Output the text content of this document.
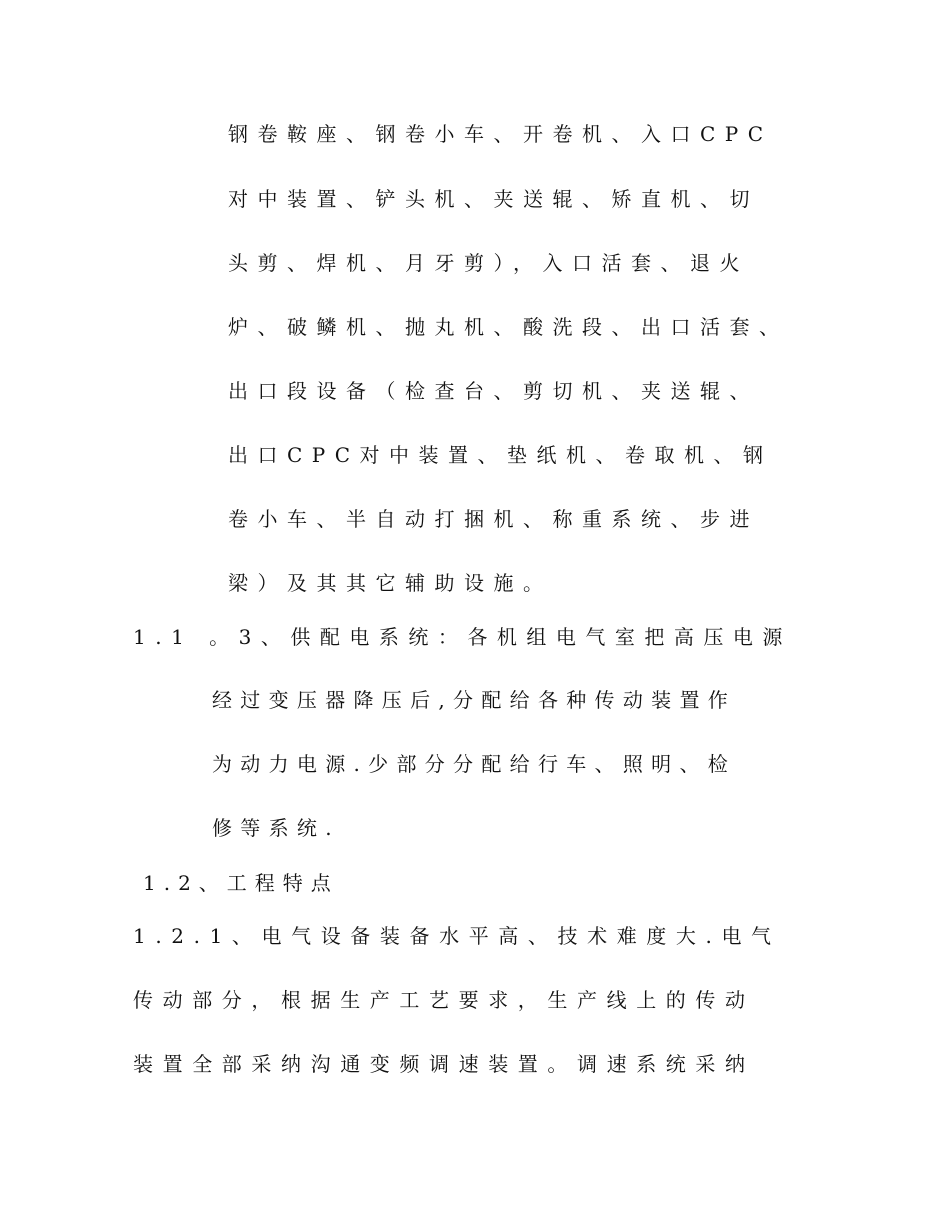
钢卷鞍座、钢卷小车、开卷机、入口CPC
对中装置、铲头机、夹送辊、矫直机、切
头剪、焊机、月牙剪），入口活套、退火
炉、破鳞机、抛丸机、酸洗段、出口活套、
出口段设备（检查台、剪切机、夹送辊、
出口CPC对中装置、垫纸机、卷取机、钢
卷小车、半自动打捆机、称重系统、步进
梁）及其其它辅助设施。
1.1 。3、供配电系统：各机组电气室把高压电源
经过变压器降压后,分配给各种传动装置作
为动力电源.少部分分配给行车、照明、检
修等系统.
1.2、工程特点
1.2.1、电气设备装备水平高、技术难度大.电气
传动部分，根据生产工艺要求，生产线上的传动
装置全部采纳沟通变频调速装置。调速系统采纳
